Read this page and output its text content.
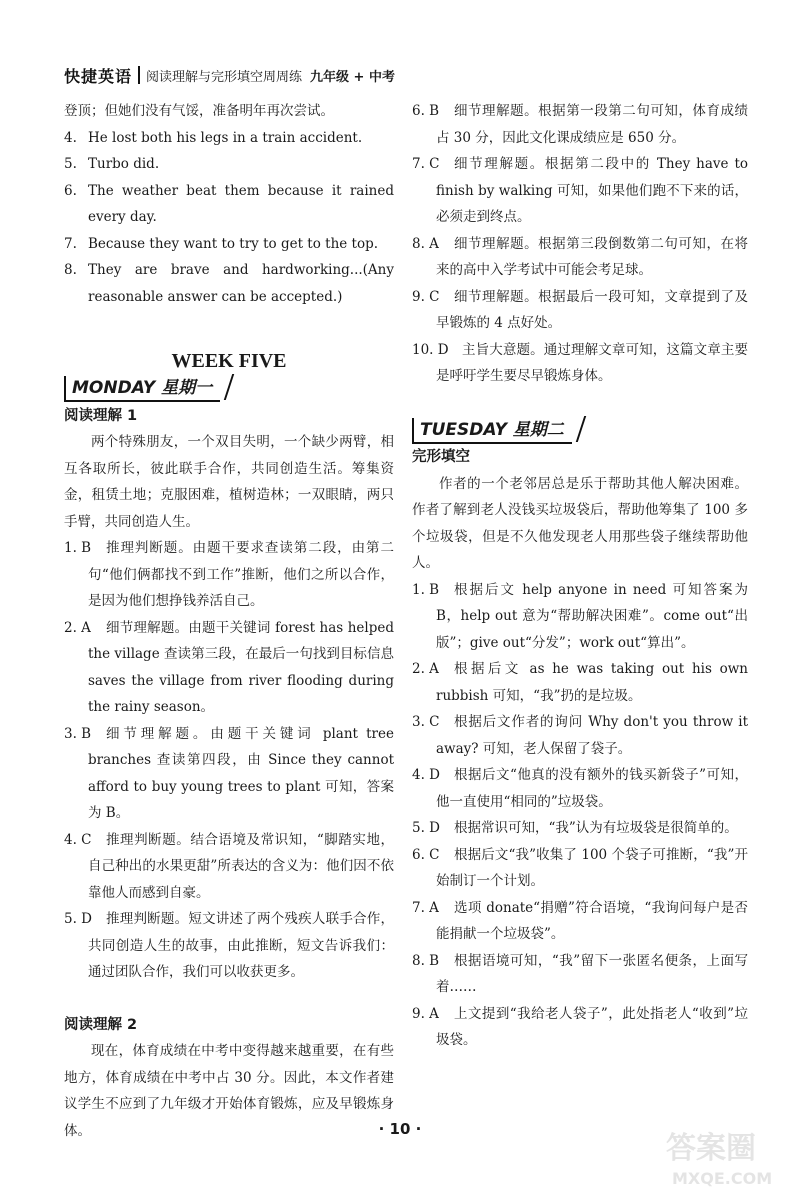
快捷英语 阅读理解与完形填空周周练 九年级 + 中考

登顶；但她们没有气馁，准备明年再次尝试。

4. He lost both his legs in a train accident.
5. Turbo did.
6. The weather beat them because it rained every day.
7. Because they want to try to get to the top.
8. They are brave and hardworking...(Any reasonable answer can be accepted.)
WEEK FIVE
MONDAY 星期一
阅读理解 1

两个特殊朋友，一个双目失明，一个缺少两臂，相互各取所长，彼此联手合作，共同创造生活。筹集资金，租赁土地；克服困难，植树造林；一双眼睛，两只手臂，共同创造人生。

1. B 推理判断题。由题干要求查读第二段，由第二句“他们俩都找不到工作”推断，他们之所以合作，是因为他们想挣钱养活自己。
2. A 细节理解题。由题干关键词 forest has helped the village 查读第三段，在最后一句找到目标信息 saves the village from river flooding during the rainy season。
3. B 细节理解题。由题干关键词 plant tree branches 查读第四段，由 Since they cannot afford to buy young trees to plant 可知，答案为 B。
4. C 推理判断题。结合语境及常识知，“脚踏实地，自己种出的水果更甜”所表达的含义为：他们因不依靠他人而感到自豪。
5. D 推理判断题。短文讲述了两个残疾人联手合作，共同创造人生的故事，由此推断，短文告诉我们：通过团队合作，我们可以收获更多。
阅读理解 2

现在，体育成绩在中考中变得越来越重要，在有些地方，体育成绩在中考中占 30 分。因此，本文作者建议学生不应到了九年级才开始体育锻炼，应及早锻炼身体。

6. B 细节理解题。根据第一段第二句可知，体育成绩占 30 分，因此文化课成绩应是 650 分。
7. C 细节理解题。根据第二段中的 They have to finish by walking 可知，如果他们跑不下来的话，必须走到终点。
8. A 细节理解题。根据第三段倒数第二句可知，在将来的高中入学考试中可能会考足球。
9. C 细节理解题。根据最后一段可知，文章提到了及早锻炼的 4 点好处。
10. D 主旨大意题。通过理解文章可知，这篇文章主要是呼吁学生要尽早锻炼身体。
TUESDAY 星期二
完形填空

作者的一个老邻居总是乐于帮助其他人解决困难。作者了解到老人没钱买垃圾袋后，帮助他筹集了 100 多个垃圾袋，但是不久他发现老人用那些袋子继续帮助他人。

1. B 根据后文 help anyone in need 可知答案为 B，help out 意为“帮助解决困难”。come out“出版”；give out“分发”；work out“算出”。
2. A 根据后文 as he was taking out his own rubbish 可知，“我”扔的是垃圾。
3. C 根据后文作者的询问 Why don't you throw it away? 可知，老人保留了袋子。
4. D 根据后文“他真的没有额外的钱买新袋子”可知，他一直使用“相同的”垃圾袋。
5. D 根据常识可知，“我”认为有垃圾袋是很简单的。
6. C 根据后文“我”收集了 100 个袋子可推断，“我”开始制订一个计划。
7. A 选项 donate“捐赠”符合语境，“我询问每户是否能捐献一个垃圾袋”。
8. B 根据语境可知，“我”留下一张匿名便条，上面写着……
9. A 上文提到“我给老人袋子”，此处指老人“收到”垃圾袋。
· 10 ·
答案圈
MXQE.COM
